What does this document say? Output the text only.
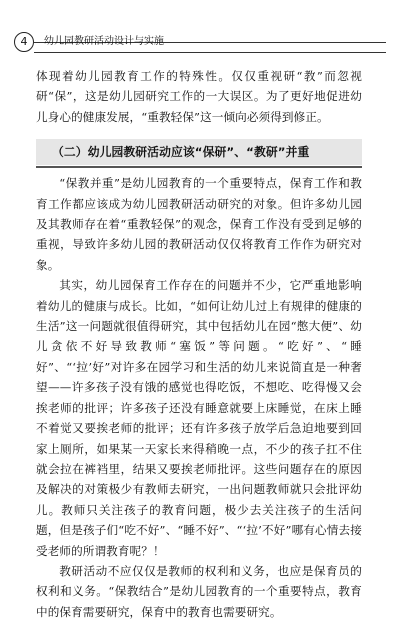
4	幼儿园教研活动设计与实施

体现着幼儿园教育工作的特殊性。仅仅重视研“教”而忽视研“保”，这是幼儿园研究工作的一大误区。为了更好地促进幼儿身心的健康发展，“重教轻保”这一倾向必须得到修正。

（二）幼儿园教研活动应该“保研”、“教研”并重

“保教并重”是幼儿园教育的一个重要特点，保育工作和教育工作都应该成为幼儿园教研活动研究的对象。但许多幼儿园及其教师存在着“重教轻保”的观念，保育工作没有受到足够的重视，导致许多幼儿园的教研活动仅仅将教育工作作为研究对象。

其实，幼儿园保育工作存在的问题并不少，它严重地影响着幼儿的健康与成长。比如，“如何让幼儿过上有规律的健康的生活”这一问题就很值得研究，其中包括幼儿在园“憋大便”、幼儿贪依不好导致教师“塞饭”等问题。“吃好”、“睡好”、“‘拉’好”对许多在园学习和生活的幼儿来说简直是一种奢望——许多孩子没有饿的感觉也得吃饭，不想吃、吃得慢又会挨老师的批评；许多孩子还没有睡意就要上床睡觉，在床上睡不着觉又要挨老师的批评；还有许多孩子放学后急迫地要到回家上厕所，如果某一天家长来得稍晚一点，不少的孩子扛不住就会拉在裤裆里，结果又要挨老师批评。这些问题存在的原因及解决的对策极少有教师去研究，一出问题教师就只会批评幼儿。教师只关注孩子的教育问题，极少去关注孩子的生活问题，但是孩子们“吃不好”、“睡不好”、“‘拉’不好”哪有心情去接受老师的所谓教育呢？！

教研活动不应仅仅是教师的权利和义务，也应是保育员的权利和义务。“保教结合”是幼儿园教育的一个重要特点，教育中的保育需要研究，保育中的教育也需要研究。
